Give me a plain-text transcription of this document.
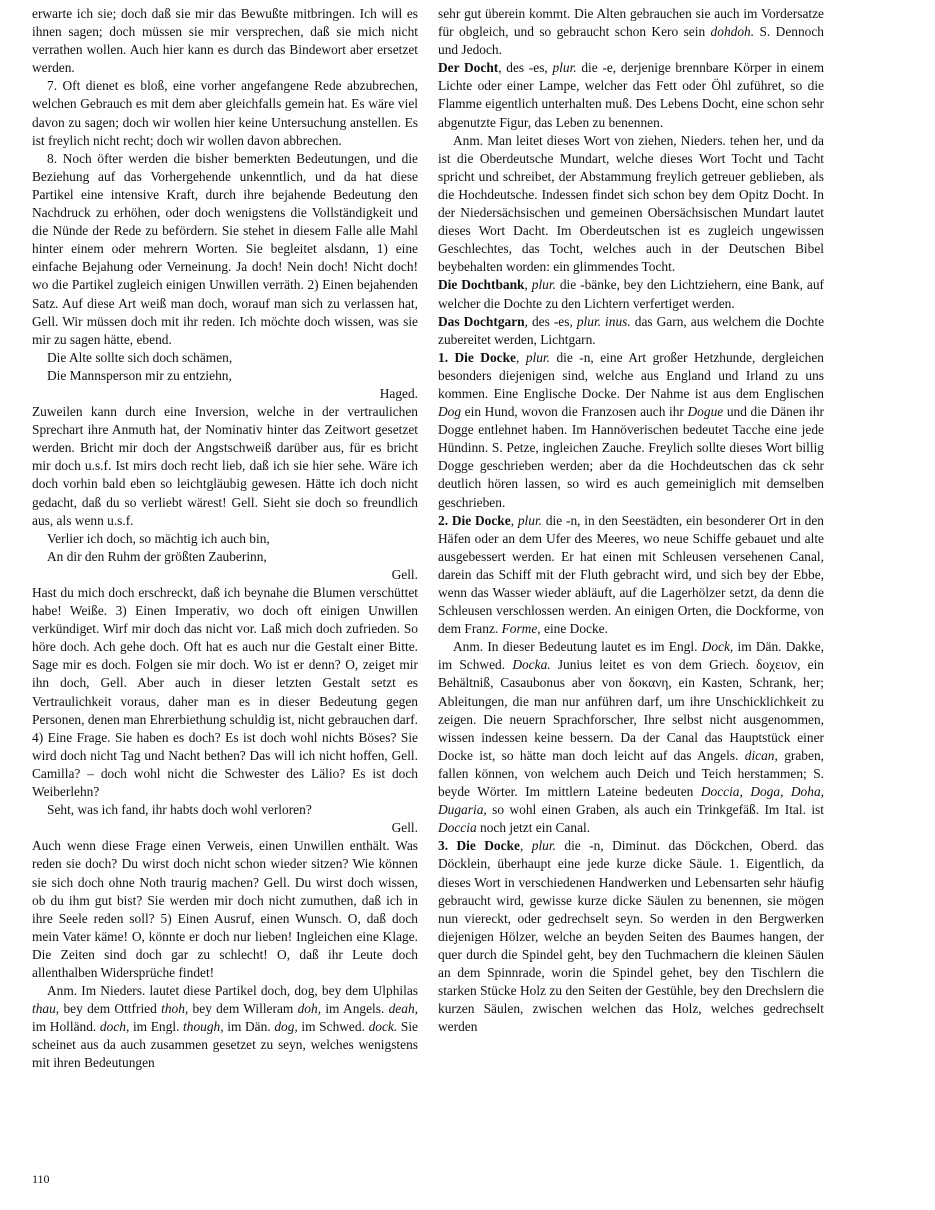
erwarte ich sie; doch daß sie mir das Bewußte mitbringen. Ich will es ihnen sagen; doch müssen sie mir versprechen, daß sie mich nicht verrathen wollen. Auch hier kann es durch das Bindewort aber ersetzet werden.

7. Oft dienet es bloß, eine vorher angefangene Rede abzubrechen, welchen Gebrauch es mit dem aber gleichfalls gemein hat. Es wäre viel davon zu sagen; doch wir wollen hier keine Untersuchung anstellen. Es ist freylich nicht recht; doch wir wollen davon abbrechen.

8. Noch öfter werden die bisher bemerkten Bedeutungen, und die Beziehung auf das Vorhergehende unkenntlich, und da hat diese Partikel eine intensive Kraft, durch ihre bejahende Bedeutung den Nachdruck zu erhöhen, oder doch wenigstens die Vollständigkeit und die Nünde der Rede zu befördern. Sie stehet in diesem Falle alle Mahl hinter einem oder mehrern Worten. Sie begleitet alsdann, 1) eine einfache Bejahung oder Verneinung. Ja doch! Nein doch! Nicht doch! wo die Partikel zugleich einigen Unwillen verräth. 2) Einen bejahenden Satz. Auf diese Art weiß man doch, worauf man sich zu verlassen hat, Gell. Wir müssen doch mit ihr reden. Ich möchte doch wissen, was sie mir zu sagen hätte, ebend.

Die Alte sollte sich doch schämen,

Die Mannsperson mir zu entziehn,

Haged.

Zuweilen kann durch eine Inversion, welche in der vertraulichen Sprechart ihre Anmuth hat, der Nominativ hinter das Zeitwort gesetzet werden. Bricht mir doch der Angstschweiß darüber aus, für es bricht mir doch u.s.f. Ist mirs doch recht lieb, daß ich sie hier sehe. Wäre ich doch vorhin bald eben so leichtgläubig gewesen. Hätte ich doch nicht gedacht, daß du so verliebt wärest! Gell. Sieht sie doch so freundlich aus, als wenn u.s.f.

Verlier ich doch, so mächtig ich auch bin,

An dir den Ruhm der größten Zauberinn,

Gell.

Hast du mich doch erschreckt, daß ich beynahe die Blumen verschüttet habe! Weiße. 3) Einen Imperativ, wo doch oft einigen Unwillen verkündiget. Wirf mir doch das nicht vor. Laß mich doch zufrieden. So höre doch. Ach gehe doch. Oft hat es auch nur die Gestalt einer Bitte. Sage mir es doch. Folgen sie mir doch. Wo ist er denn? O, zeiget mir ihn doch, Gell. Aber auch in dieser letzten Gestalt setzt es Vertraulichkeit voraus, daher man es in dieser Bedeutung gegen Personen, denen man Ehrerbiethung schuldig ist, nicht gebrauchen darf. 4) Eine Frage. Sie haben es doch? Es ist doch wohl nichts Böses? Sie wird doch nicht Tag und Nacht bethen? Das will ich nicht hoffen, Gell. Camilla? – doch wohl nicht die Schwester des Lälio? Es ist doch Weiberlehn?

Seht, was ich fand, ihr habts doch wohl verloren?

Gell.

Auch wenn diese Frage einen Verweis, einen Unwillen enthält. Was reden sie doch? Du wirst doch nicht schon wieder sitzen? Wie können sie sich doch ohne Noth traurig machen? Gell. Du wirst doch wissen, ob du ihm gut bist? Sie werden mir doch nicht zumuthen, daß ich in ihre Seele reden soll? 5) Einen Ausruf, einen Wunsch. O, daß doch mein Vater käme! O, könnte er doch nur lieben! Ingleichen eine Klage. Die Zeiten sind doch gar zu schlecht! O, daß ihr Leute doch allenthalben Widersprüche findet!

Anm. Im Nieders. lautet diese Partikel doch, dog, bey dem Ulphilas thau, bey dem Ottfried thoh, bey dem Willeram doh, im Angels. deah, im Holländ. doch, im Engl. though, im Dän. dog, im Schwed. dock. Sie scheinet aus da auch zusammen gesetzet zu seyn, welches wenigstens mit ihren Bedeutungen

sehr gut überein kommt. Die Alten gebrauchen sie auch im Vordersatze für obgleich, und so gebraucht schon Kero sein dohdoh. S. Dennoch und Jedoch.

Der Docht, des -es, plur. die -e, derjenige brennbare Körper in einem Lichte oder einer Lampe, welcher das Fett oder Öhl zuführet, so die Flamme eigentlich unterhalten muß. Des Lebens Docht, eine schon sehr abgenutzte Figur, das Leben zu benennen.

Anm. Man leitet dieses Wort von ziehen, Nieders. tehen her, und da ist die Oberdeutsche Mundart, welche dieses Wort Tocht und Tacht spricht und schreibet, der Abstammung freylich getreuer geblieben, als die Hochdeutsche. Indessen findet sich schon bey dem Opitz Docht. In der Niedersächsischen und gemeinen Obersächsischen Mundart lautet dieses Wort Dacht. Im Oberdeutschen ist es zugleich ungewissen Geschlechtes, das Tocht, welches auch in der Deutschen Bibel beybehalten worden: ein glimmendes Tocht.

Die Dochtbank, plur. die -bänke, bey den Lichtziehern, eine Bank, auf welcher die Dochte zu den Lichtern verfertiget werden.

Das Dochtgarn, des -es, plur. inus. das Garn, aus welchem die Dochte zubereitet werden, Lichtgarn.

1. Die Docke, plur. die -n, eine Art großer Hetzhunde, dergleichen besonders diejenigen sind, welche aus England und Irland zu uns kommen. Eine Englische Docke. Der Nahme ist aus dem Englischen Dog ein Hund, wovon die Franzosen auch ihr Dogue und die Dänen ihr Dogge entlehnet haben. Im Hannöverischen bedeutet Tacche eine jede Hündinn. S. Petze, ingleichen Zauche. Freylich sollte dieses Wort billig Dogge geschrieben werden; aber da die Hochdeutschen das ck sehr deutlich hören lassen, so wird es auch gemeiniglich mit demselben geschrieben.

2. Die Docke, plur. die -n, in den Seestädten, ein besonderer Ort in den Häfen oder an dem Ufer des Meeres, wo neue Schiffe gebauet und alte ausgebessert werden. Er hat einen mit Schleusen versehenen Canal, darein das Schiff mit der Fluth gebracht wird, und sich bey der Ebbe, wenn das Wasser wieder abläuft, auf die Lagerhölzer setzt, da denn die Schleusen verschlossen werden. An einigen Orten, die Dockforme, von dem Franz. Forme, eine Docke.

Anm. In dieser Bedeutung lautet es im Engl. Dock, im Dän. Dakke, im Schwed. Docka. Junius leitet es von dem Griech. δοχειον, ein Behältniß, Casaubonus aber von δοκανη, ein Kasten, Schrank, her; Ableitungen, die man nur anführen darf, um ihre Unschicklichkeit zu zeigen. Die neuern Sprachforscher, Ihre selbst nicht ausgenommen, wissen indessen keine bessern. Da der Canal das Hauptstück einer Docke ist, so hätte man doch leicht auf das Angels. dican, graben, fallen können, von welchem auch Deich und Teich herstammen; S. beyde Wörter. Im mittlern Lateine bedeuten Doccia, Doga, Doha, Dugaria, so wohl einen Graben, als auch ein Trinkgefäß. Im Ital. ist Doccia noch jetzt ein Canal.

3. Die Docke, plur. die -n, Diminut. das Döckchen, Oberd. das Döcklein, überhaupt eine jede kurze dicke Säule. 1. Eigentlich, da dieses Wort in verschiedenen Handwerken und Lebensarten sehr häufig gebraucht wird, gewisse kurze dicke Säulen zu benennen, sie mögen nun viereckt, oder gedrechselt seyn. So werden in den Bergwerken diejenigen Hölzer, welche an beyden Seiten des Baumes hangen, der quer durch die Spindel geht, bey den Tuchmachern die kleinen Säulen an dem Spinnrade, worin die Spindel gehet, bey den Tischlern die starken Stücke Holz zu den Seiten der Gestühle, bey den Drechslern die kurzen Säulen, zwischen welchen das Holz, welches gedrechselt werden

110
